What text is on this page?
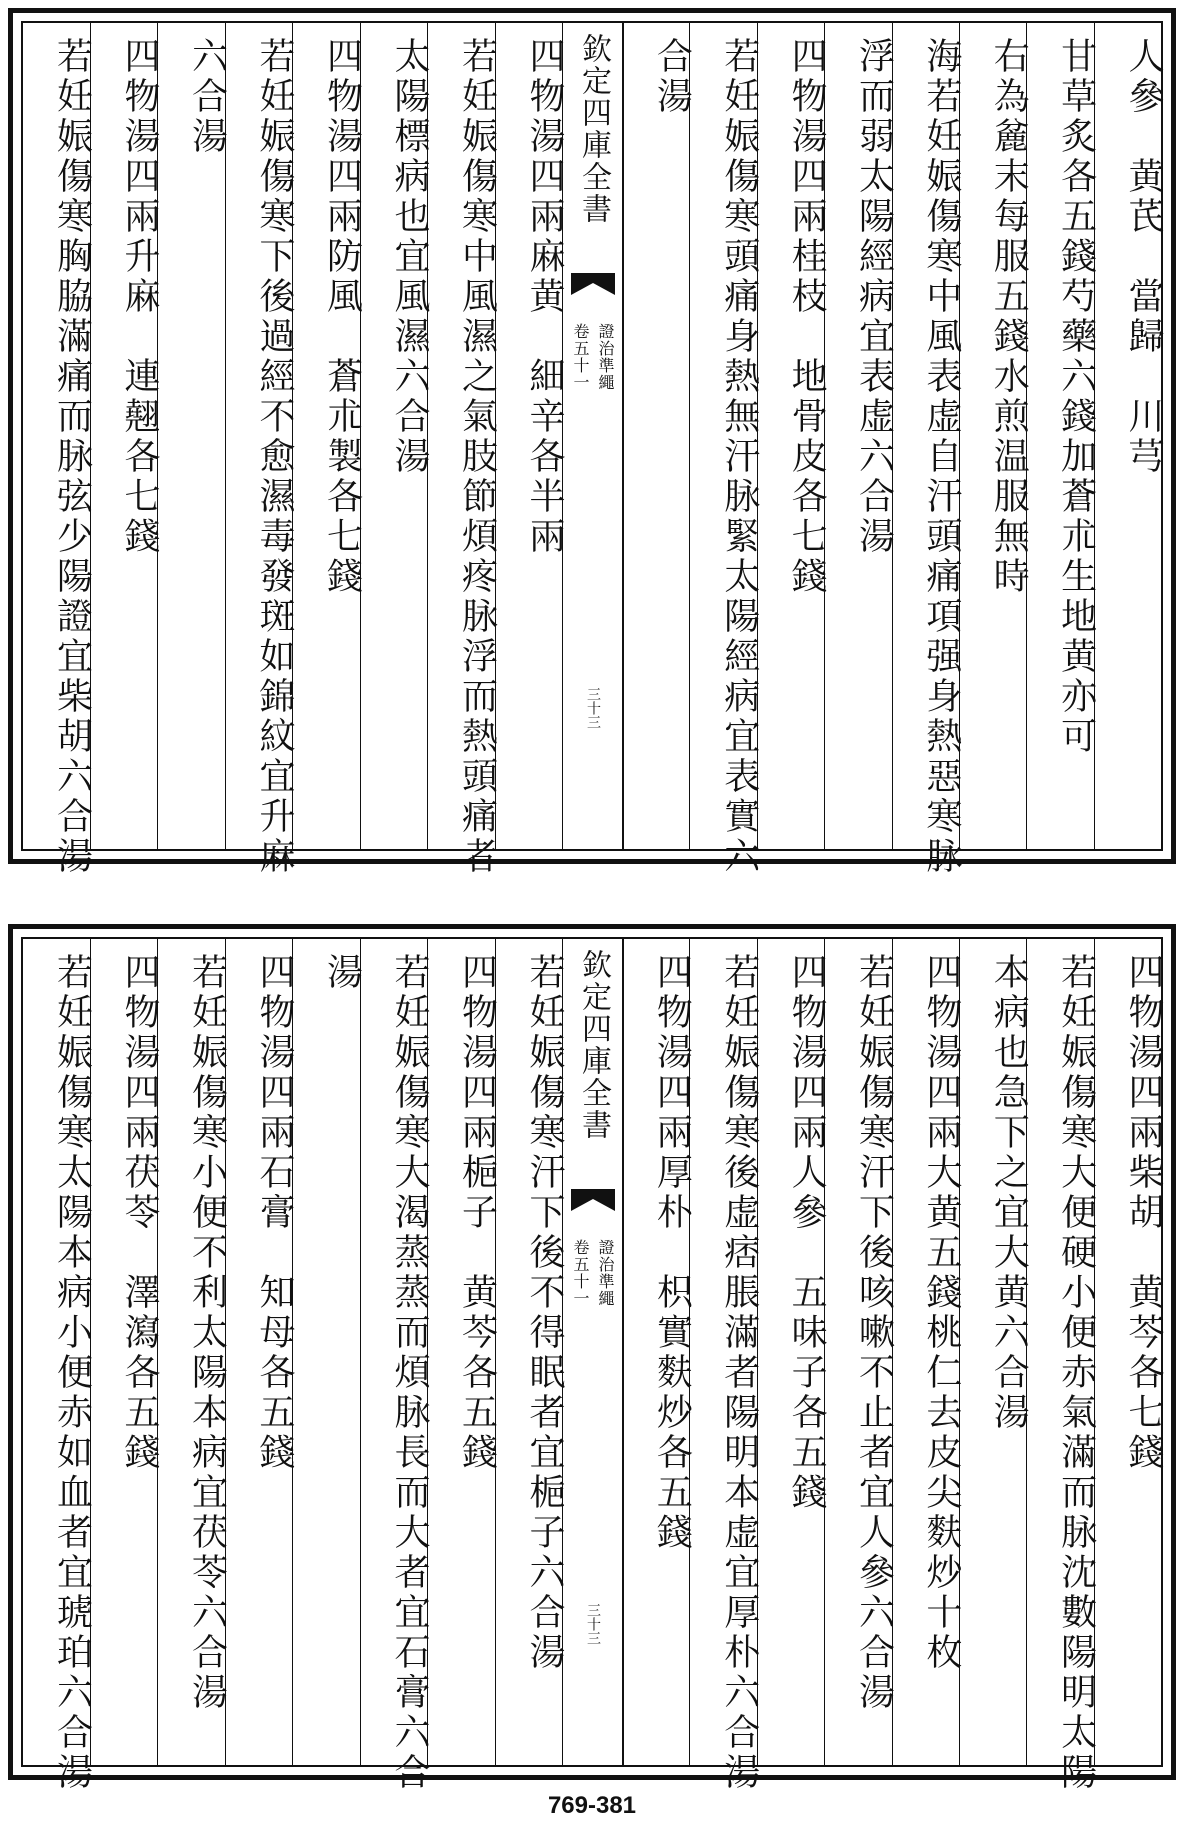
人參　黄芪　當歸　川芎
甘草炙各五錢芍藥六錢加蒼朮生地黄亦可
右為麄末每服五錢水煎温服無時
海若妊娠傷寒中風表虚自汗頭痛項强身熱惡寒脉
浮而弱太陽經病宜表虚六合湯
四物湯四兩桂枝　地骨皮各七錢
若妊娠傷寒頭痛身熱無汗脉緊太陽經病宜表實六
合湯
欽定四庫全書
卷五十一 證治準繩
三十三
四物湯四兩麻黄　細辛各半兩
若妊娠傷寒中風濕之氣肢節煩疼脉浮而熱頭痛者
太陽標病也宜風濕六合湯
四物湯四兩防風　蒼朮製各七錢
若妊娠傷寒下後過經不愈濕毒發斑如錦紋宜升麻
六合湯
四物湯四兩升麻　連翹各七錢
若妊娠傷寒胸脇滿痛而脉弦少陽證宜柴胡六合湯
四物湯四兩柴胡　黄芩各七錢
若妊娠傷寒大便硬小便赤氣滿而脉沈數陽明太陽
本病也急下之宜大黄六合湯
四物湯四兩大黄五錢桃仁去皮尖麩炒十枚
若妊娠傷寒汗下後咳嗽不止者宜人參六合湯
四物湯四兩人參　五味子各五錢
若妊娠傷寒後虚痞脹滿者陽明本虚宜厚朴六合湯
四物湯四兩厚朴　枳實麩炒各五錢
欽定四庫全書
卷五十一 證治準繩
三十三
若妊娠傷寒汗下後不得眠者宜梔子六合湯
四物湯四兩梔子　黄芩各五錢
若妊娠傷寒大渴蒸蒸而煩脉長而大者宜石膏六合
湯
四物湯四兩石膏　知母各五錢
若妊娠傷寒小便不利太陽本病宜茯苓六合湯
四物湯四兩茯苓　澤瀉各五錢
若妊娠傷寒太陽本病小便赤如血者宜琥珀六合湯
769-381
